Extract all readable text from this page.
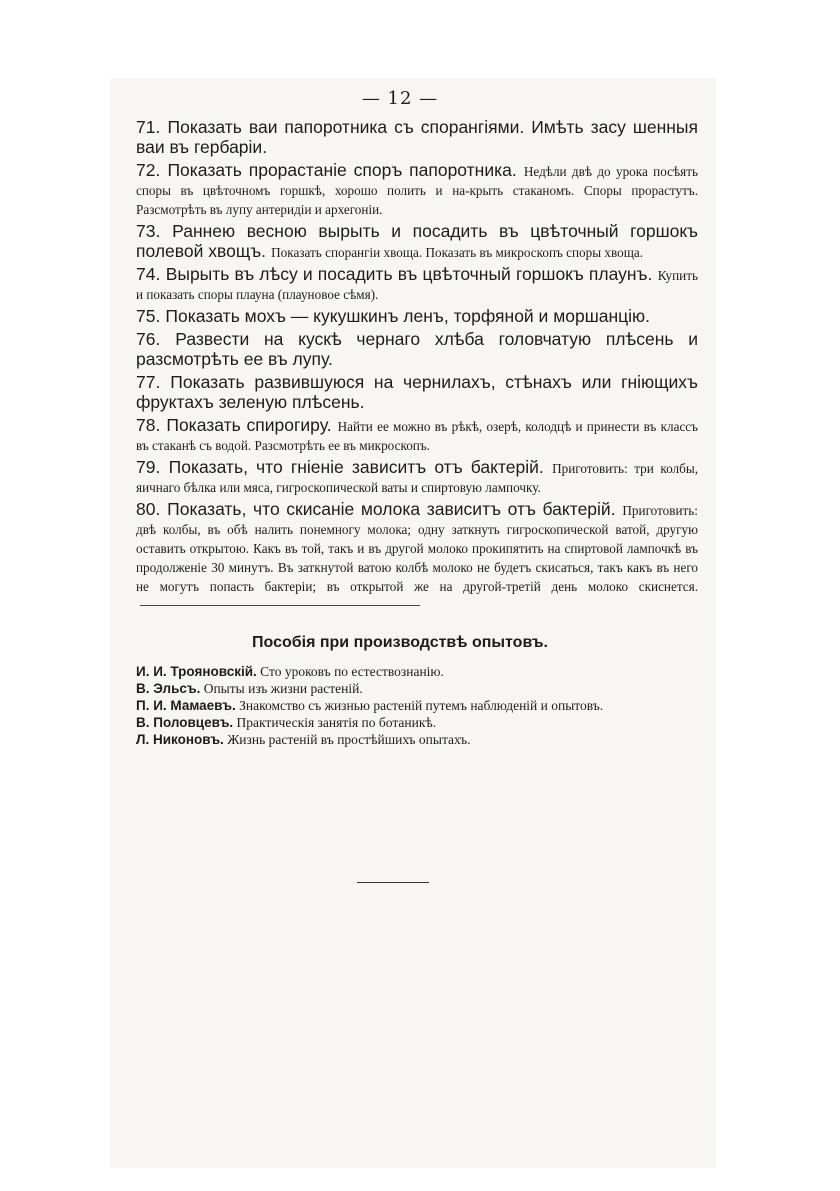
— 12 —

71. Показать ваи папоротника съ спорангіями. Имѣть засу шенныя ваи въ гербаріи.

72. Показать прорастаніе споръ папоротника. Недѣли двѣ до урока посѣять споры въ цвѣточномъ горшкѣ, хорошо полить и на-крыть стаканомъ. Споры прорастутъ. Разсмотрѣть въ лупу антеридіи и архегоніи.

73. Раннею весною вырыть и посадить въ цвѣточный горшокъ полевой хвощъ. Показать спорангіи хвоща. Показать въ микроскопъ споры хвоща.

74. Вырыть въ лѣсу и посадить въ цвѣточный горшокъ плаунъ. Купить и показать споры плауна (плауновое сѣмя).

75. Показать мохъ — кукушкинъ ленъ, торфяной и моршанцію.

76. Развести на кускѣ чернаго хлѣба головчатую плѣсень и разсмотрѣть ее въ лупу.

77. Показать развившуюся на чернилахъ, стѣнахъ или гніющихъ фруктахъ зеленую плѣсень.

78. Показать спирогиру. Найти ее можно въ рѣкѣ, озерѣ, колодцѣ и принести въ классъ въ стаканѣ съ водой. Разсмотрѣть ее въ микроскопъ.

79. Показать, что гніеніе зависитъ отъ бактерій. Приготовить: три колбы, яичнаго бѣлка или мяса, гигроскопической ваты и спиртовую лампочку.

80. Показать, что скисаніе молока зависитъ отъ бактерій. Приготовить: двѣ колбы, въ обѣ налить понемногу молока; одну заткнуть гигроскопической ватой, другую оставить открытою. Какъ въ той, такъ и въ другой молоко прокипятить на спиртовой лампочкѣ въ продолженіе 30 минутъ. Въ заткнутой ватою колбѣ молоко не будетъ скисаться, такъ какъ въ него не могутъ попасть бактеріи; въ открытой же на другой-третій день молоко скиснется.

Пособія при производствѣ опытовъ.

И. И. Трояновскій. Сто уроковъ по естествознанію.

В. Эльсъ. Опыты изъ жизни растеній.

П. И. Мамаевъ. Знакомство съ жизнью растеній путемъ наблюденій и опытовъ.

В. Половцевъ. Практическія занятія по ботаникѣ.

Л. Никоновъ. Жизнь растеній въ простѣйшихъ опытахъ.
